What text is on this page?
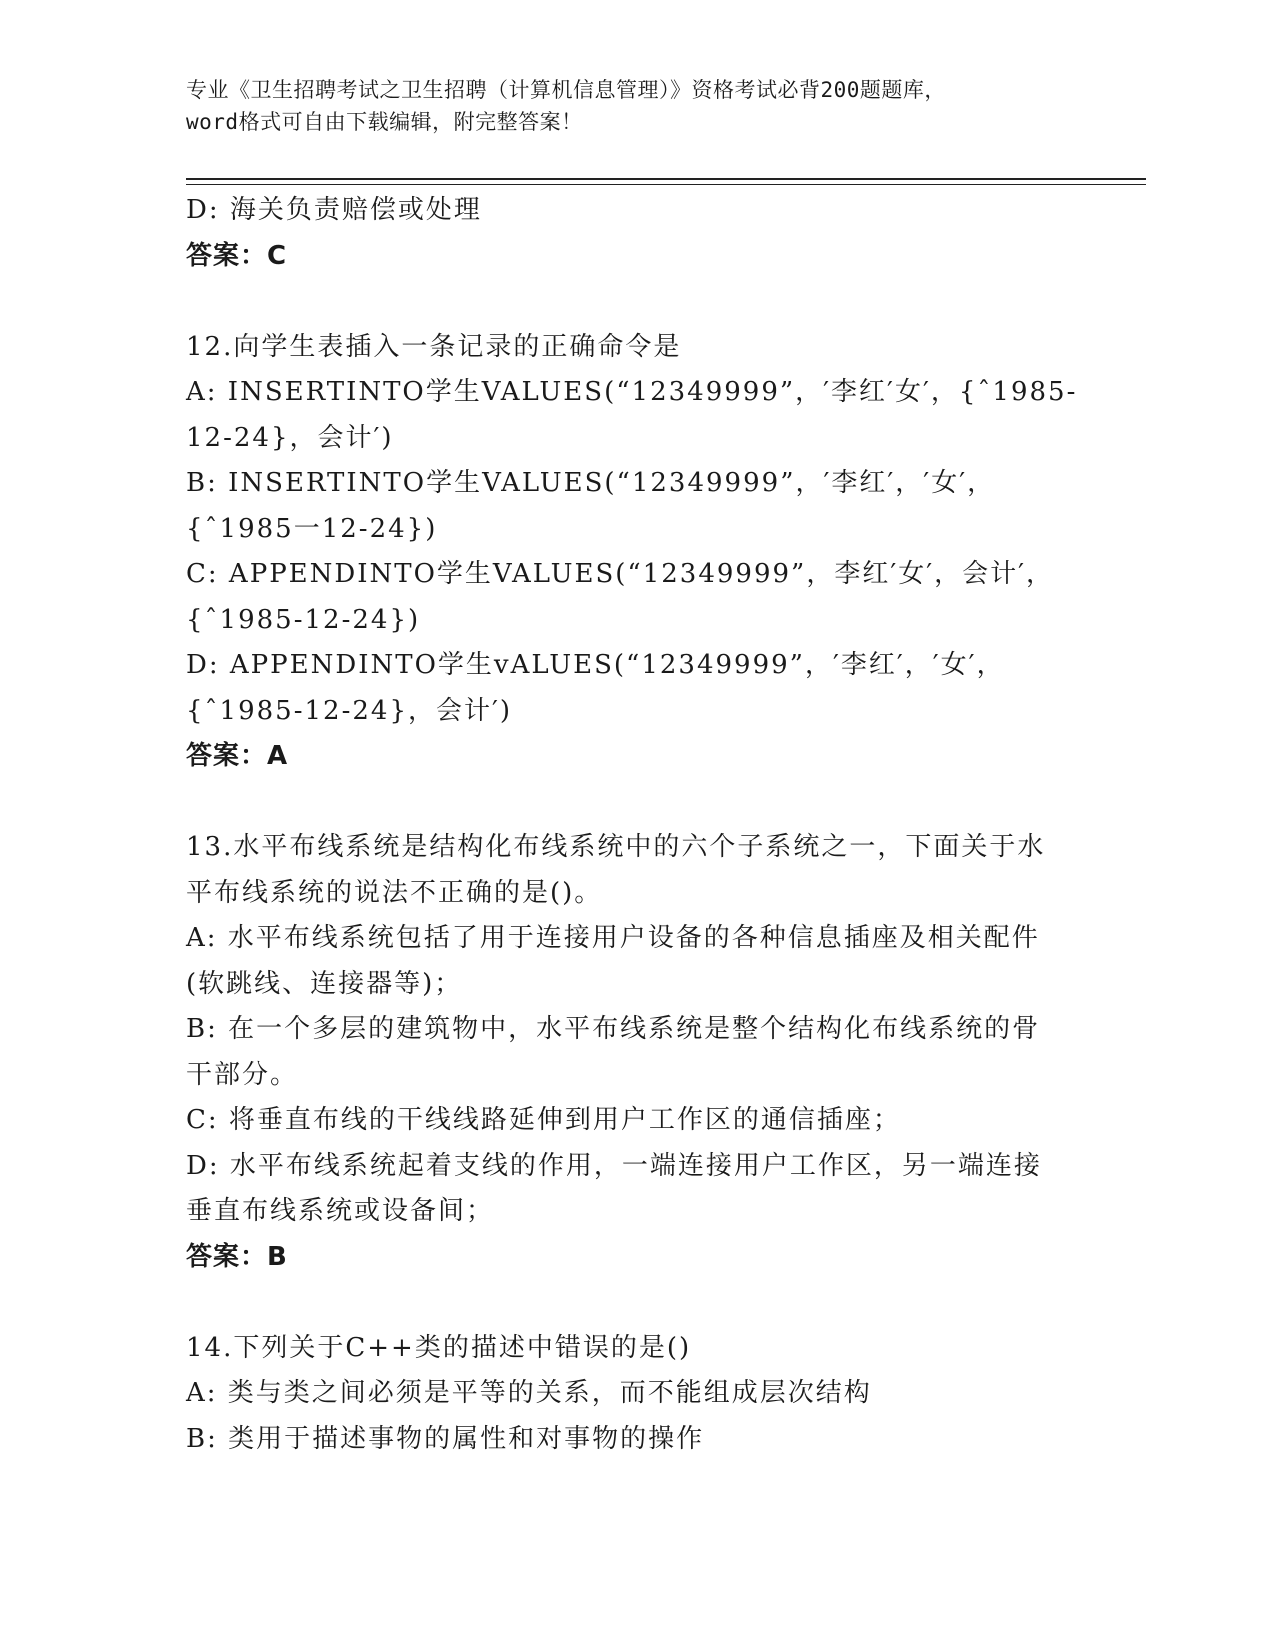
专业《卫生招聘考试之卫生招聘（计算机信息管理）》资格考试必背200题题库，
word格式可自由下载编辑，附完整答案！
D: 海关负责赔偿或处理
答案：C
12.向学生表插入一条记录的正确命令是
A: INSERTINTO学生VALUES(“12349999”，′李红′女′，{ˆ1985-
12-24}，会计′)
B: INSERTINTO学生VALUES(“12349999”，′李红′，′女′，
{ˆ1985一12-24})
C: APPENDINTO学生VALUES(“12349999”，李红′女′，会计′，
{ˆ1985-12-24})
D: APPENDINTO学生vALUES(“12349999”，′李红′，′女′，
{ˆ1985-12-24}，会计′)
答案：A
13.水平布线系统是结构化布线系统中的六个子系统之一，下面关于水
平布线系统的说法不正确的是()。
A: 水平布线系统包括了用于连接用户设备的各种信息插座及相关配件
(软跳线、连接器等)；
B: 在一个多层的建筑物中，水平布线系统是整个结构化布线系统的骨
干部分。
C: 将垂直布线的干线线路延伸到用户工作区的通信插座；
D: 水平布线系统起着支线的作用，一端连接用户工作区，另一端连接
垂直布线系统或设备间；
答案：B
14.下列关于C++类的描述中错误的是()
A: 类与类之间必须是平等的关系，而不能组成层次结构
B: 类用于描述事物的属性和对事物的操作
